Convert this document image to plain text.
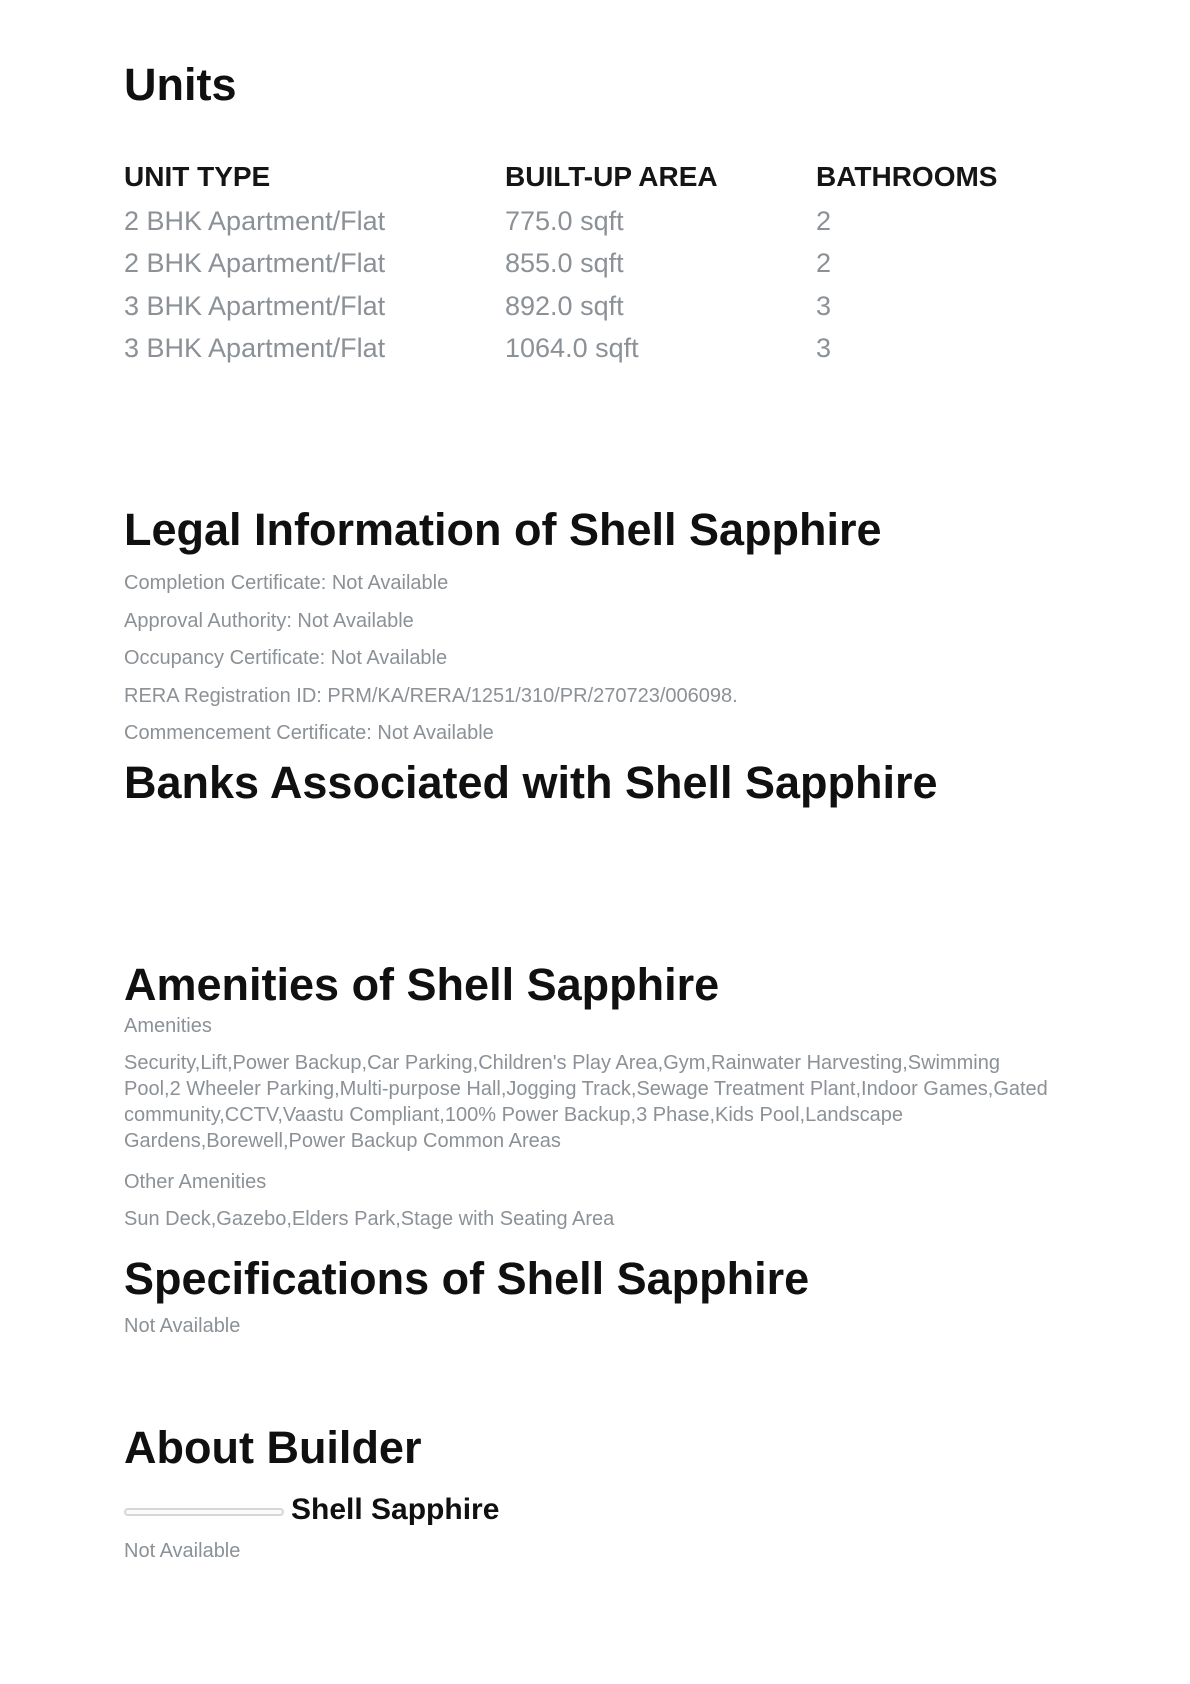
Units
UNIT TYPE	BUILT-UP AREA	BATHROOMS
2 BHK Apartment/Flat	775.0 sqft	2
2 BHK Apartment/Flat	855.0 sqft	2
3 BHK Apartment/Flat	892.0 sqft	3
3 BHK Apartment/Flat	1064.0 sqft	3
Legal Information of Shell Sapphire
Completion Certificate: Not Available
Approval Authority: Not Available
Occupancy Certificate: Not Available
RERA Registration ID: PRM/KA/RERA/1251/310/PR/270723/006098.
Commencement Certificate: Not Available
Banks Associated with Shell Sapphire
Amenities of Shell Sapphire
Amenities
Security,Lift,Power Backup,Car Parking,Children's Play Area,Gym,Rainwater Harvesting,Swimming Pool,2 Wheeler Parking,Multi-purpose Hall,Jogging Track,Sewage Treatment Plant,Indoor Games,Gated community,CCTV,Vaastu Compliant,100% Power Backup,3 Phase,Kids Pool,Landscape Gardens,Borewell,Power Backup Common Areas
Other Amenities
Sun Deck,Gazebo,Elders Park,Stage with Seating Area
Specifications of Shell Sapphire
Not Available
About Builder
Shell Sapphire
Not Available
